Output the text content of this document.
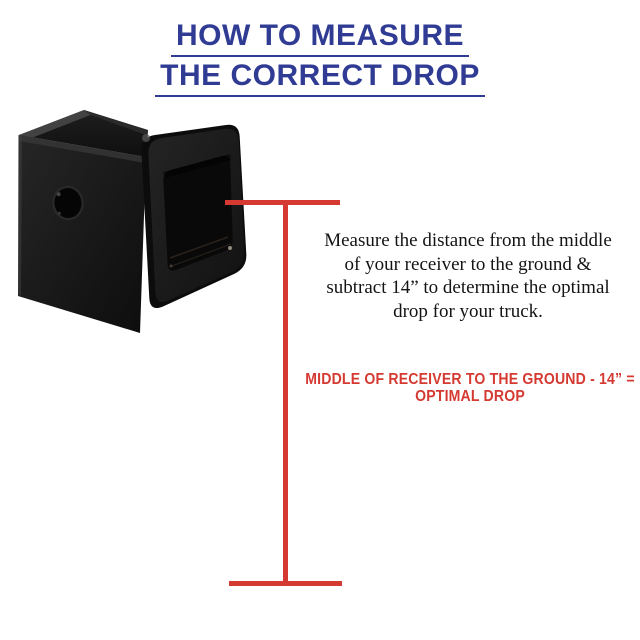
HOW TO MEASURE
THE CORRECT DROP
Measure the distance from the middle
of your receiver to the ground &
subtract 14” to determine the optimal
drop for your truck.
MIDDLE OF RECEIVER TO THE GROUND - 14” =
OPTIMAL DROP
